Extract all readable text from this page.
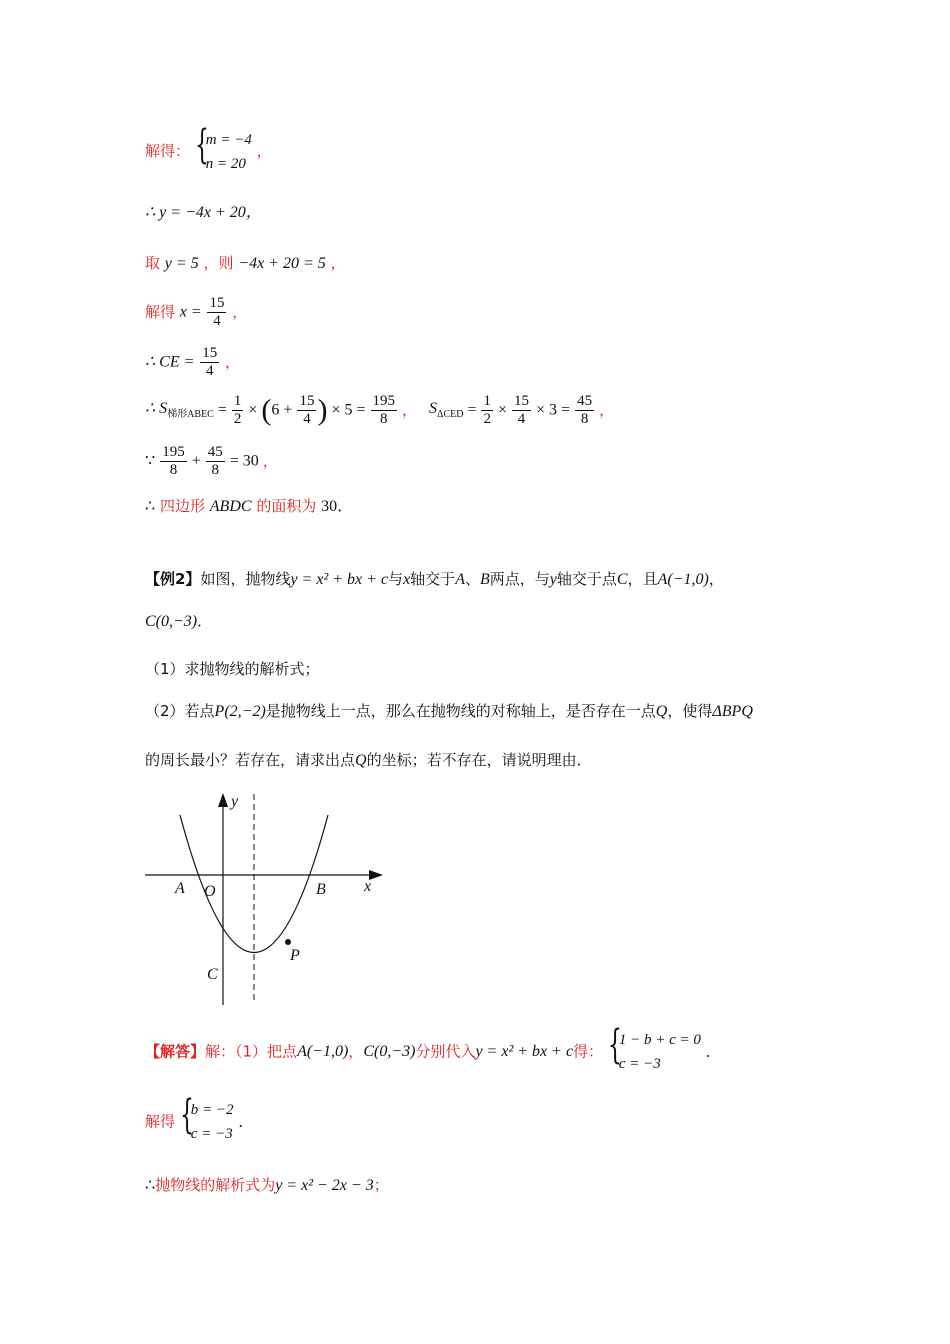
解得： {
m = −4
n = 20
，
∴ y = −4x + 20，
取 y = 5 ，则 −4x + 20 = 5 ，
解得 $x = \frac{15}{4}$ ，
∴ CE = $\frac{15}{4}$ ，
∴ $S_{梯形ABEC} = \frac{1}{2} \times (6 + \frac{15}{4}$ ) × $5 = \frac{195}{8}$ ， $S_{\Delta CED} = \frac{1}{2} \times \frac{15}{4} \times 3 = \frac{45}{8}$ ，
∵ $\frac{195}{8} + \frac{45}{8} = 30$ ，
∴ 四边形 ABDC 的面积为 30．
【例2】如图，抛物线y = x² + bx + c与x轴交于A、B两点，与y轴交于点C，且A(−1,0)，
C(0,−3)．
（1）求抛物线的解析式；
（2）若点P(2,−2)是抛物线上一点，那么在抛物线的对称轴上，是否存在一点Q，使得ΔBPQ
的周长最小？若存在，请求出点Q的坐标；若不存在，请说明理由．
y
x
O
A	B
C
P
【解答】解：（1）把点A(−1,0)，C(0,−3)分别代入y = x² + bx + c得： {
1 − b + c = 0
c = −3
．
解得 {
b = −2
c = −3
．
∴抛物线的解析式为y = x² − 2x − 3；
